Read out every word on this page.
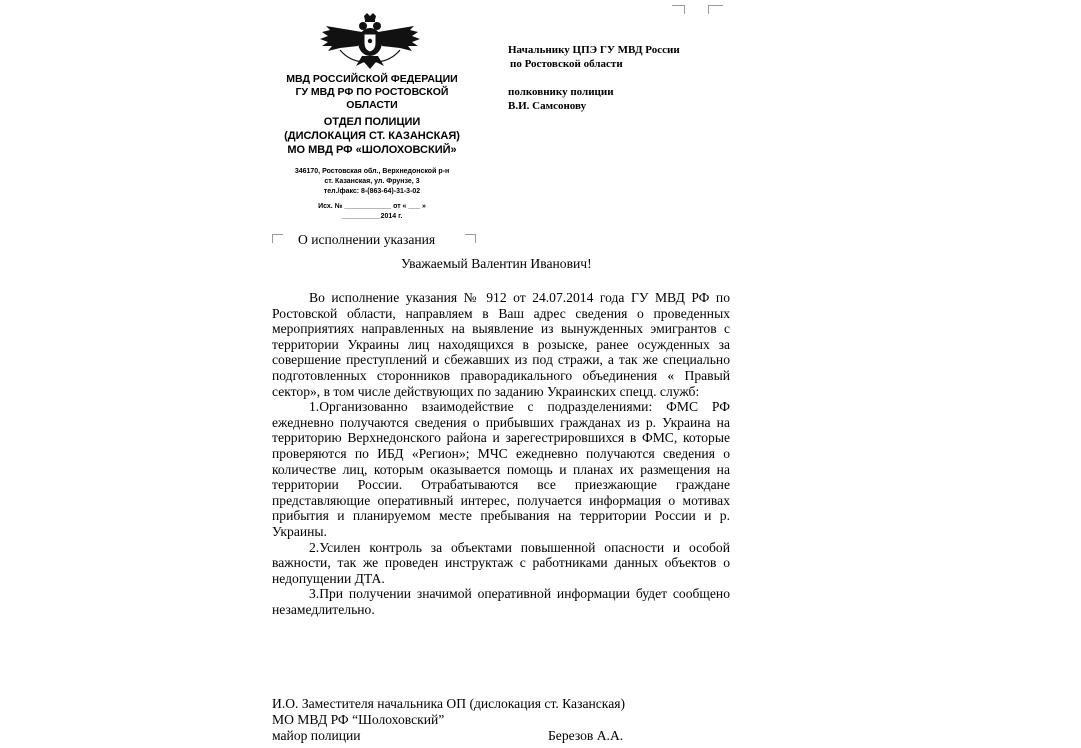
МВД РОССИЙСКОЙ ФЕДЕРАЦИИ
ГУ МВД РФ ПО РОСТОВСКОЙ
ОБЛАСТИ
ОТДЕЛ ПОЛИЦИИ
(ДИСЛОКАЦИЯ СТ. КАЗАНСКАЯ)
МО МВД РФ «ШОЛОХОВСКИЙ»
346170, Ростовская обл., Верхнедонской р-н
ст. Казанская, ул. Фрунзе, 3
тел./факс: 8-(863-64)-31-3-02
Исх. № ____________ от « ___ »
__________2014 г.
Начальнику ЦПЭ ГУ МВД России
по Ростовской области
полковнику полиции
В.И. Самсонову
О исполнении указания
Уважаемый Валентин Иванович!

Во исполнение указания № 912 от 24.07.2014 года ГУ МВД РФ по Ростовской области, направляем в Ваш адрес сведения о проведенных мероприятиях направленных на выявление из вынужденных эмигрантов с территории Украины лиц находящихся в розыске, ранее осужденных за совершение преступлений и сбежавших из под стражи, а так же специально подготовленных сторонников праворадикального объединения « Правый сектор», в том числе действующих по заданию Украинских спецд. служб:

1.Организованно взаимодействие с подразделениями: ФМС РФ ежедневно получаются сведения о прибывших гражданах из р. Украина на территорию Верхнедонского района и зарегестрировшихся в ФМС, которые проверяются по ИБД «Регион»; МЧС ежедневно получаются сведения о количестве лиц, которым оказывается помощь и планах их размещения на территории России. Отрабатываются все приезжающие граждане представляющие оперативный интерес, получается информация о мотивах прибытия и планируемом месте пребывания на территории России и р. Украины.

2.Усилен контроль за объектами повышенной опасности и особой важности, так же проведен инструктаж с работниками данных объектов о недопущении ДТА.

3.При получении значимой оперативной информации будет сообщено незамедлительно.

И.О. Заместителя начальника ОП (дислокация ст. Казанская)
МО МВД РФ “Шолоховский”
майор полиции	Березов А.А.
